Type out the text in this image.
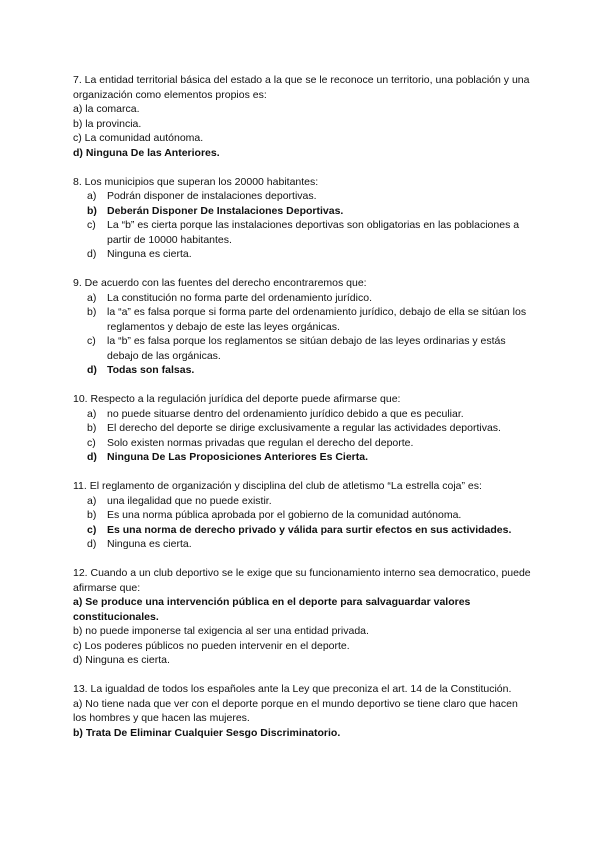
7. La entidad territorial básica del estado a la que se le reconoce un territorio, una población y una organización como elementos propios es:
a) la comarca.
b) la provincia.
c) La comunidad autónoma.
d) Ninguna De las Anteriores.
8. Los municipios que superan los 20000 habitantes:
a) Podrán disponer de instalaciones deportivas.
b) Deberán Disponer De Instalaciones Deportivas.
c) La “b” es cierta porque las instalaciones deportivas son obligatorias en las poblaciones a partir de 10000 habitantes.
d) Ninguna es cierta.
9. De acuerdo con las fuentes del derecho encontraremos que:
a) La constitución no forma parte del ordenamiento jurídico.
b) la “a” es falsa porque si forma parte del ordenamiento jurídico, debajo de ella se sitúan los reglamentos y debajo de este las leyes orgánicas.
c) la “b” es falsa porque los reglamentos se sitúan debajo de las leyes ordinarias y estás debajo de las orgánicas.
d) Todas son falsas.
10. Respecto a la regulación jurídica del deporte puede afirmarse que:
a) no puede situarse dentro del ordenamiento jurídico debido a que es peculiar.
b) El derecho del deporte se dirige exclusivamente a regular las actividades deportivas.
c) Solo existen normas privadas que regulan el derecho del deporte.
d) Ninguna De Las Proposiciones Anteriores Es Cierta.
11. El reglamento de organización y disciplina del club de atletismo “La estrella coja” es:
a) una ilegalidad que no puede existir.
b) Es una norma pública aprobada por el gobierno de la comunidad autónoma.
c) Es una norma de derecho privado y válida para surtir efectos en sus actividades.
d) Ninguna es cierta.
12. Cuando a un club deportivo se le exige que su funcionamiento interno sea democratico, puede afirmarse que:
a) Se produce una intervención pública en el deporte para salvaguardar valores constitucionales.
b) no puede imponerse tal exigencia al ser una entidad privada.
c) Los poderes públicos no pueden intervenir en el deporte.
d) Ninguna es cierta.
13. La igualdad de todos los españoles ante la Ley que preconiza el art. 14 de la Constitución.
a) No tiene nada que ver con el deporte porque en el mundo deportivo se tiene claro que hacen los hombres y que hacen las mujeres.
b) Trata De Eliminar Cualquier Sesgo Discriminatorio.
